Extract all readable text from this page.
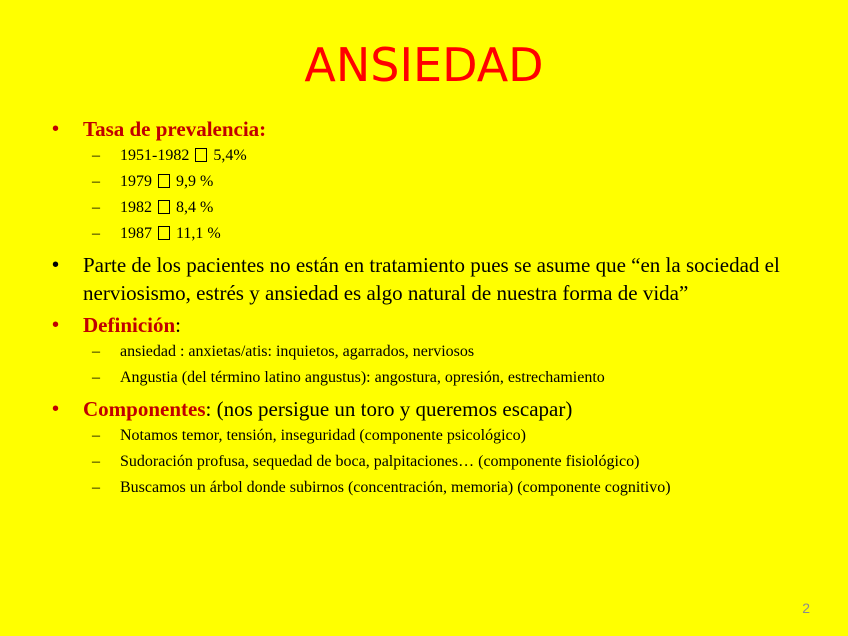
ANSIEDAD
• Tasa de prevalencia:
– 1951-1982 5,4%
– 1979 9,9 %
– 1982 8,4 %
– 1987 11,1 %
• Parte de los pacientes no están en tratamiento pues se asume que “en la sociedad el nerviosismo, estrés y ansiedad es algo natural de nuestra forma de vida”
• Definición:
– ansiedad : anxietas/atis: inquietos, agarrados, nerviosos
– Angustia (del término latino angustus): angostura, opresión, estrechamiento
• Componentes: (nos persigue un toro y queremos escapar)
– Notamos temor, tensión, inseguridad (componente psicológico)
– Sudoración profusa, sequedad de boca, palpitaciones… (componente fisiológico)
– Buscamos un árbol donde subirnos (concentración, memoria) (componente cognitivo)
2
